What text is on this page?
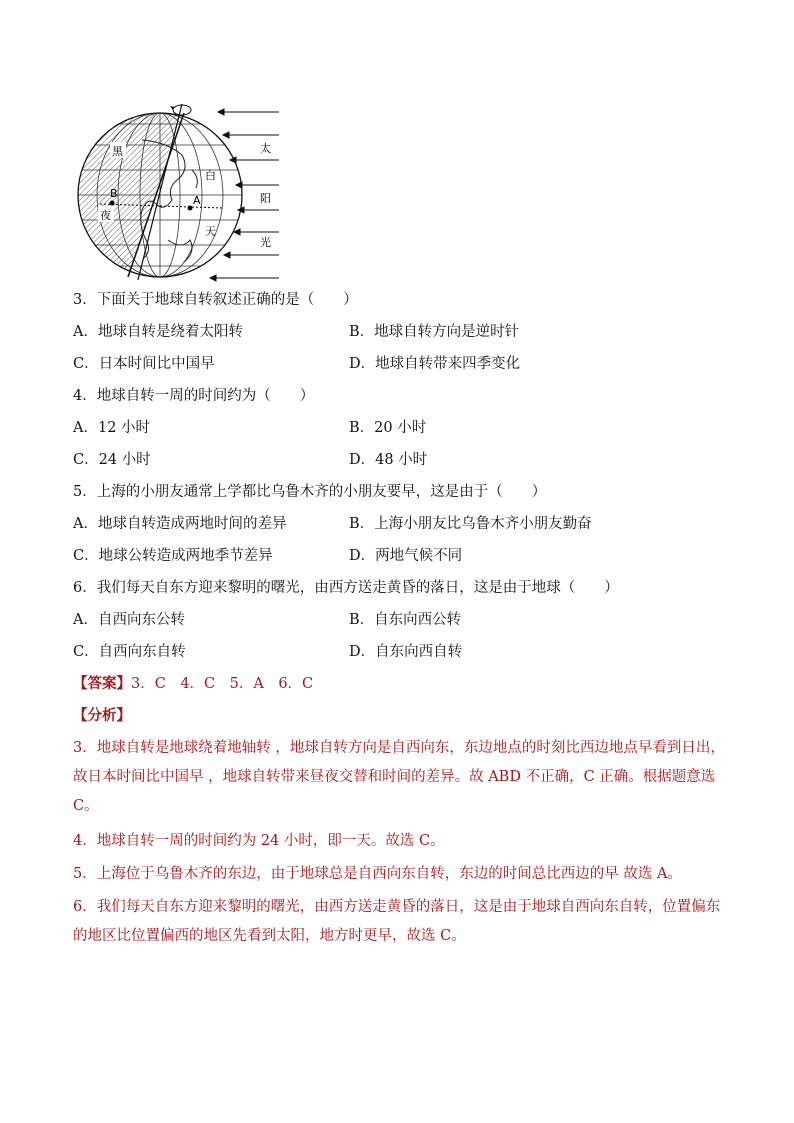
黑
夜
B
A
白
天
太
阳
光
3．下面关于地球自转叙述正确的是（　　）
A．地球自转是绕着太阳转	B．地球自转方向是逆时针
C．日本时间比中国早	D．地球自转带来四季变化
4．地球自转一周的时间约为（　　）
A．12 小时	B．20 小时
C．24 小时	D．48 小时
5．上海的小朋友通常上学都比乌鲁木齐的小朋友要早，这是由于（　　）
A．地球自转造成两地时间的差异	B．上海小朋友比乌鲁木齐小朋友勤奋
C．地球公转造成两地季节差异	D．两地气候不同
6．我们每天自东方迎来黎明的曙光，由西方送走黄昏的落日，这是由于地球（　　）
A．自西向东公转	B．自东向西公转
C．自西向东自转	D．自东向西自转
【答案】3．C　4．C　5．A　6．C
【分析】
3．地球自转是地球绕着地轴转 ，地球自转方向是自西向东，东边地点的时刻比西边地点早看到日出，故日本时间比中国早 ，地球自转带来昼夜交替和时间的差异。故 ABD 不正确，C 正确。根据题意选 C。
4．地球自转一周的时间约为 24 小时，即一天。故选 C。
5．上海位于乌鲁木齐的东边，由于地球总是自西向东自转，东边的时间总比西边的早 故选 A。
6．我们每天自东方迎来黎明的曙光，由西方送走黄昏的落日，这是由于地球自西向东自转，位置偏东的地区比位置偏西的地区先看到太阳，地方时更早，故选 C。
